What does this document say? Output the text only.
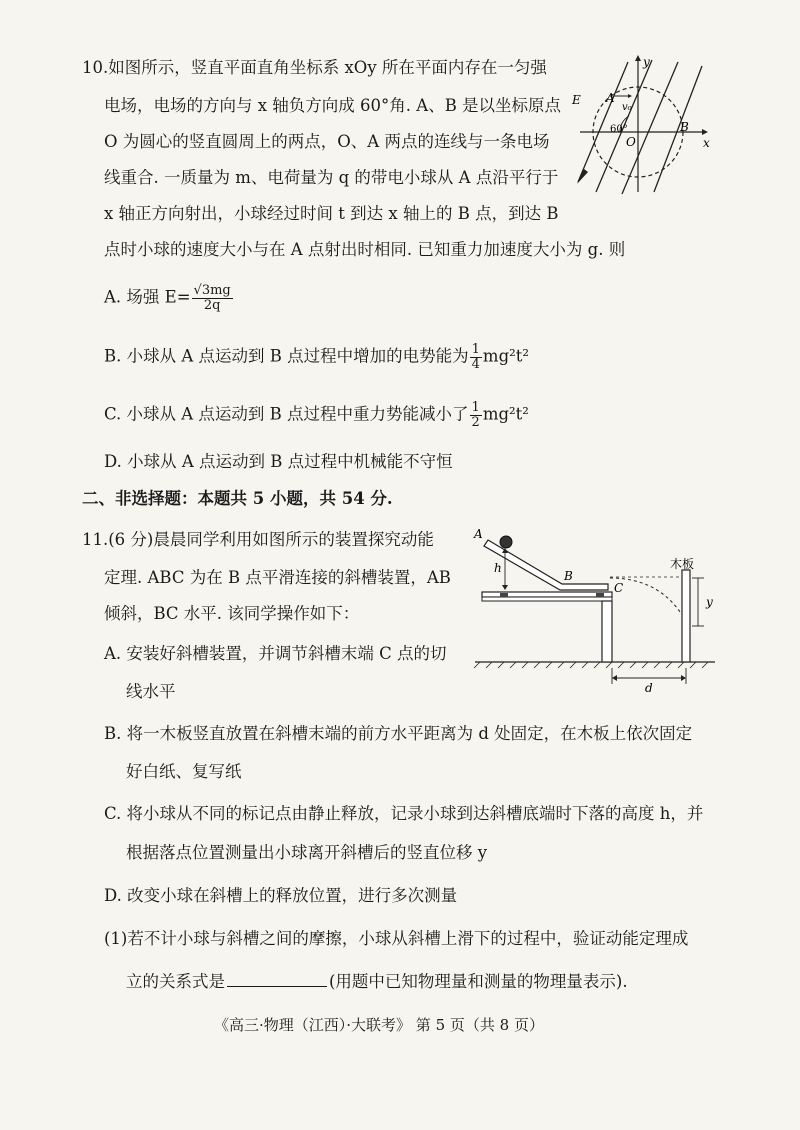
10.如图所示，竖直平面直角坐标系 xOy 所在平面内存在一匀强
电场，电场的方向与 x 轴负方向成 60°角. A、B 是以坐标原点
O 为圆心的竖直圆周上的两点，O、A 两点的连线与一条电场
线重合. 一质量为 m、电荷量为 q 的带电小球从 A 点沿平行于
x 轴正方向射出，小球经过时间 t 到达 x 轴上的 B 点，到达 B
点时小球的速度大小与在 A 点射出时相同. 已知重力加速度大小为 g. 则
A. 场强 $E= \frac{√3mg}{2q}$
B. 小球从 A 点运动到 B 点过程中增加的电势能为 $\frac{1}{4} mg^2t^2$
C. 小球从 A 点运动到 B 点过程中重力势能减小了 $\frac{1}{2} mg^2t^2$
D. 小球从 A 点运动到 B 点过程中机械能不守恒
E A
v₀
y
60°
O
B
x
二、非选择题：本题共 5 小题，共 54 分.
11.(6 分)晨晨同学利用如图所示的装置探究动能
定理. ABC 为在 B 点平滑连接的斜槽装置，AB
倾斜，BC 水平. 该同学操作如下：
A. 安装好斜槽装置，并调节斜槽末端 C 点的切
线水平
B. 将一木板竖直放置在斜槽末端的前方水平距离为 d 处固定，在木板上依次固定
好白纸、复写纸
C. 将小球从不同的标记点由静止释放，记录小球到达斜槽底端时下落的高度 h，并
根据落点位置测量出小球离开斜槽后的竖直位移 y
D. 改变小球在斜槽上的释放位置，进行多次测量
(1)若不计小球与斜槽之间的摩擦，小球从斜槽上滑下的过程中，验证动能定理成
立的关系式是	(用题中已知物理量和测量的物理量表示).
A
h
B
C
木板
y
d
《高三·物理（江西）·大联考》 第 5 页（共 8 页）
